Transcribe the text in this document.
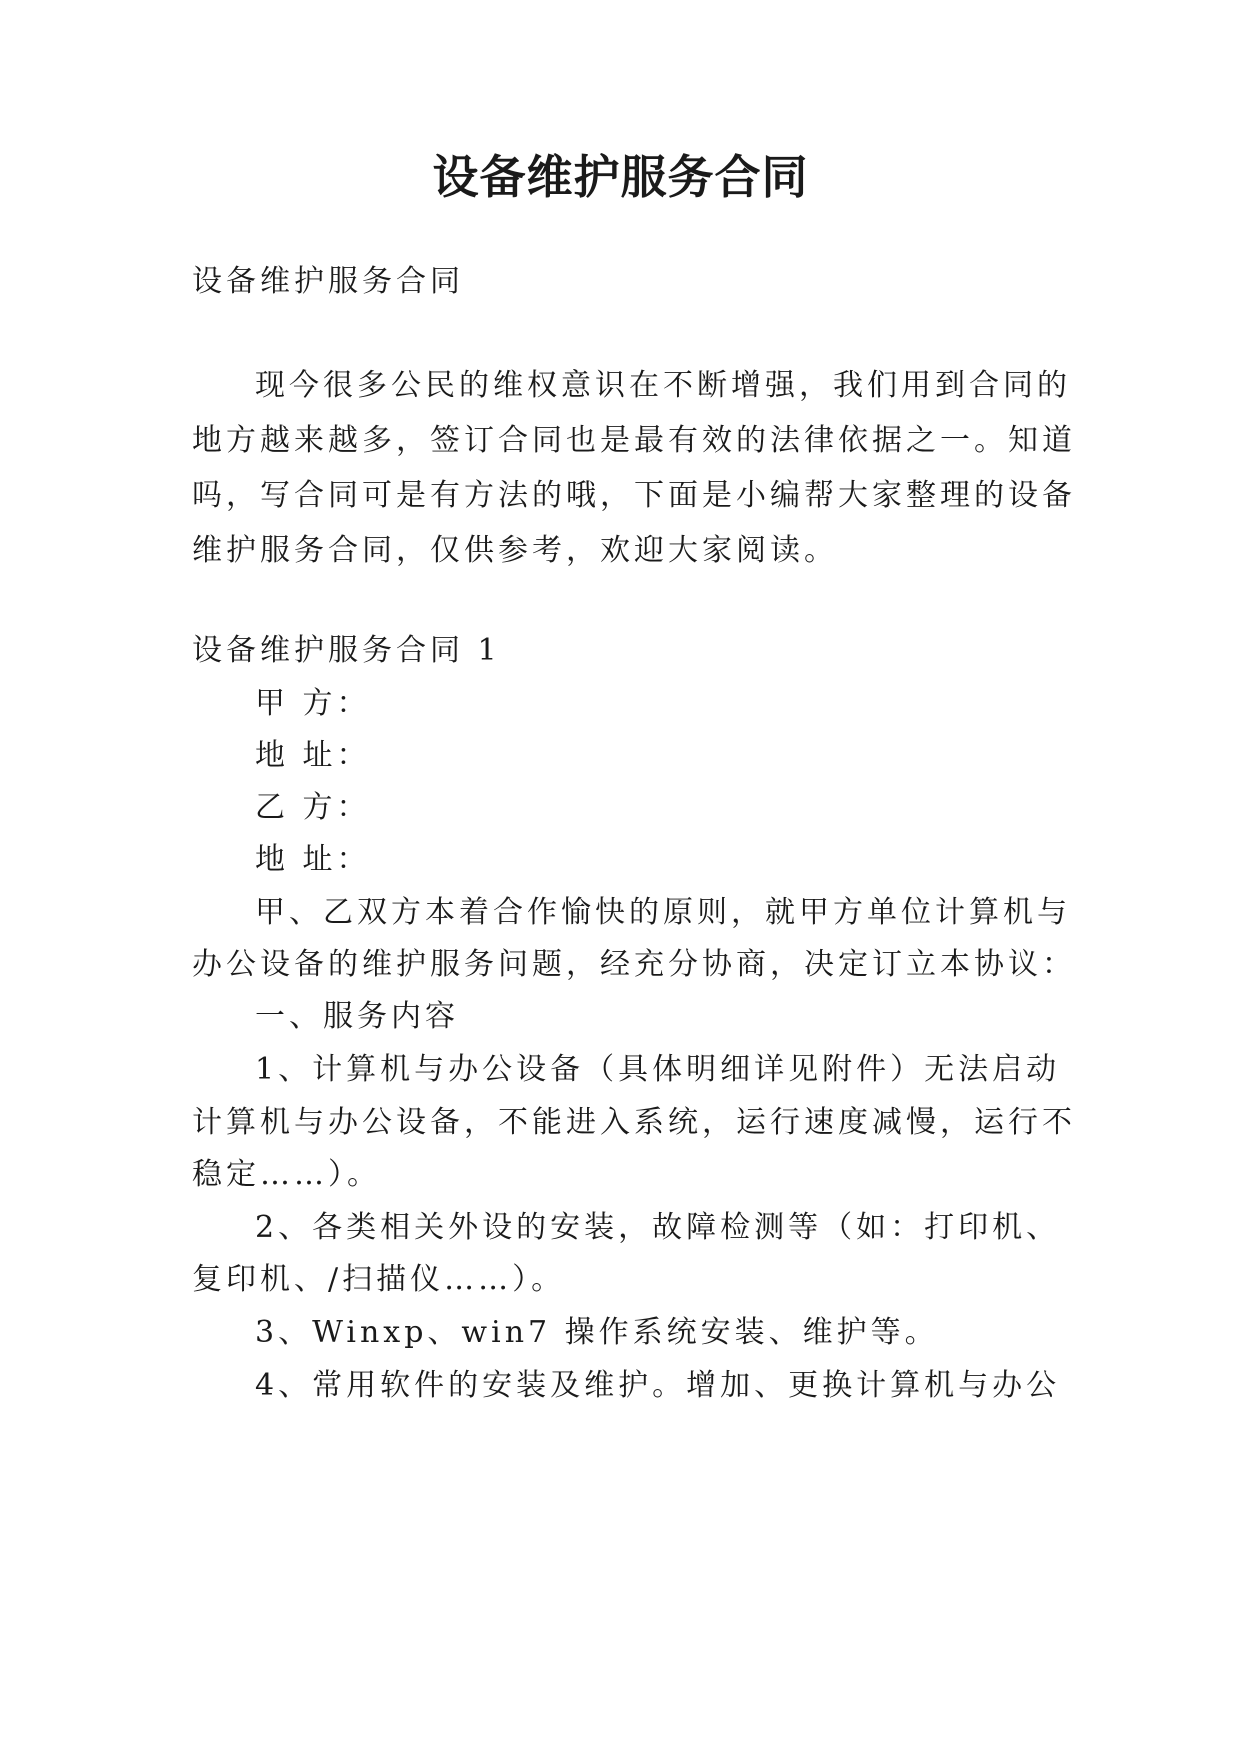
设备维护服务合同
设备维护服务合同
现今很多公民的维权意识在不断增强，我们用到合同的
地方越来越多，签订合同也是最有效的法律依据之一。知道
吗，写合同可是有方法的哦，下面是小编帮大家整理的设备
维护服务合同，仅供参考，欢迎大家阅读。
设备维护服务合同 1
甲 方：
地 址：
乙 方：
地 址：
甲、乙双方本着合作愉快的原则，就甲方单位计算机与
办公设备的维护服务问题，经充分协商，决定订立本协议：
一、服务内容
1、计算机与办公设备（具体明细详见附件）无法启动
计算机与办公设备，不能进入系统，运行速度减慢，运行不
稳定……）。
2、各类相关外设的安装，故障检测等（如：打印机、
复印机、/扫描仪……）。
3、Winxp、win7 操作系统安装、维护等。
4、常用软件的安装及维护。增加、更换计算机与办公
